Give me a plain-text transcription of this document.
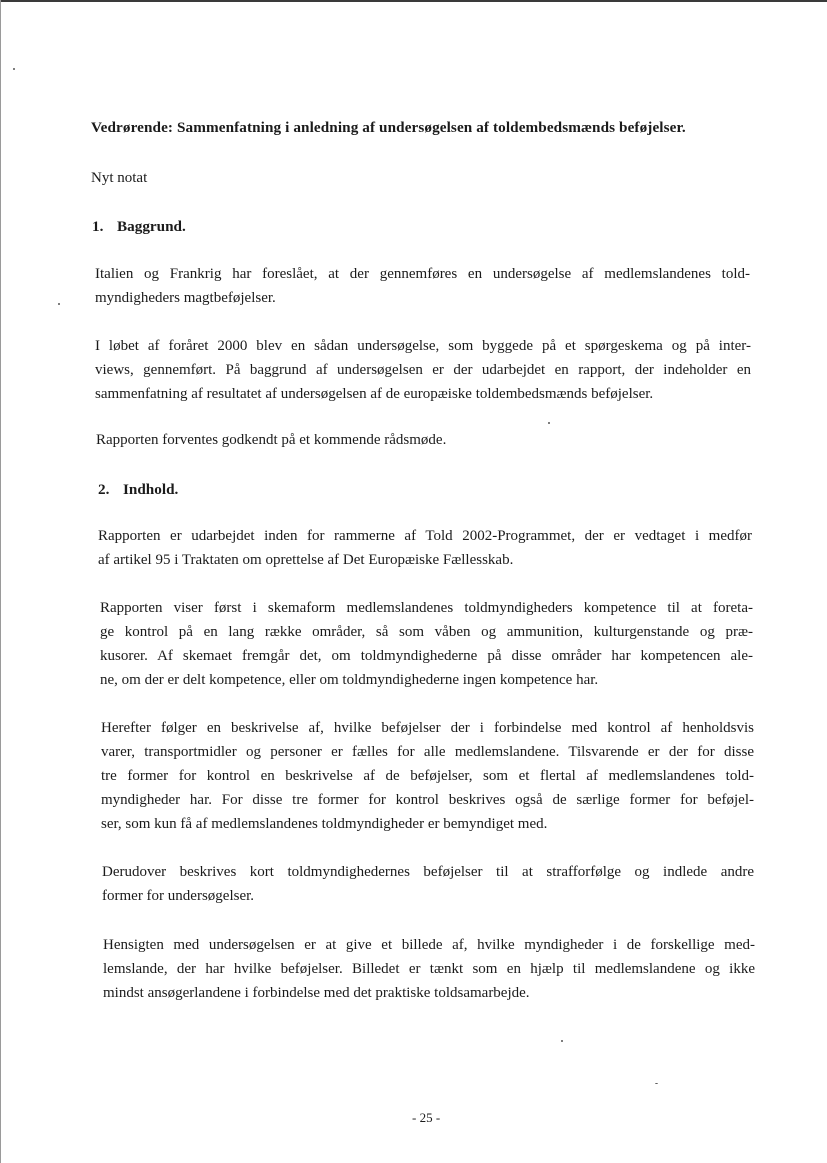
Vedrørende: Sammenfatning i anledning af undersøgelsen af toldembedsmænds beføjelser.
Nyt notat
1. Baggrund.
Italien og Frankrig har foreslået, at der gennemføres en undersøgelse af medlemslandenes told-
myndigheders magtbeføjelser.
I løbet af foråret 2000 blev en sådan undersøgelse, som byggede på et spørgeskema og på inter-
views, gennemført. På baggrund af undersøgelsen er der udarbejdet en rapport, der indeholder en
sammenfatning af resultatet af undersøgelsen af de europæiske toldembedsmænds beføjelser.
Rapporten forventes godkendt på et kommende rådsmøde.
2. Indhold.
Rapporten er udarbejdet inden for rammerne af Told 2002-Programmet, der er vedtaget i medfør
af artikel 95 i Traktaten om oprettelse af Det Europæiske Fællesskab.
Rapporten viser først i skemaform medlemslandenes toldmyndigheders kompetence til at foreta-
ge kontrol på en lang række områder, så som våben og ammunition, kulturgenstande og præ-
kusorer. Af skemaet fremgår det, om toldmyndighederne på disse områder har kompetencen ale-
ne, om der er delt kompetence, eller om toldmyndighederne ingen kompetence har.
Herefter følger en beskrivelse af, hvilke beføjelser der i forbindelse med kontrol af henholdsvis
varer, transportmidler og personer er fælles for alle medlemslandene. Tilsvarende er der for disse
tre former for kontrol en beskrivelse af de beføjelser, som et flertal af medlemslandenes told-
myndigheder har. For disse tre former for kontrol beskrives også de særlige former for beføjel-
ser, som kun få af medlemslandenes toldmyndigheder er bemyndiget med.
Derudover beskrives kort toldmyndighedernes beføjelser til at strafforfølge og indlede andre
former for undersøgelser.
Hensigten med undersøgelsen er at give et billede af, hvilke myndigheder i de forskellige med-
lemslande, der har hvilke beføjelser. Billedet er tænkt som en hjælp til medlemslandene og ikke
mindst ansøgerlandene i forbindelse med det praktiske toldsamarbejde.
- 25 -
